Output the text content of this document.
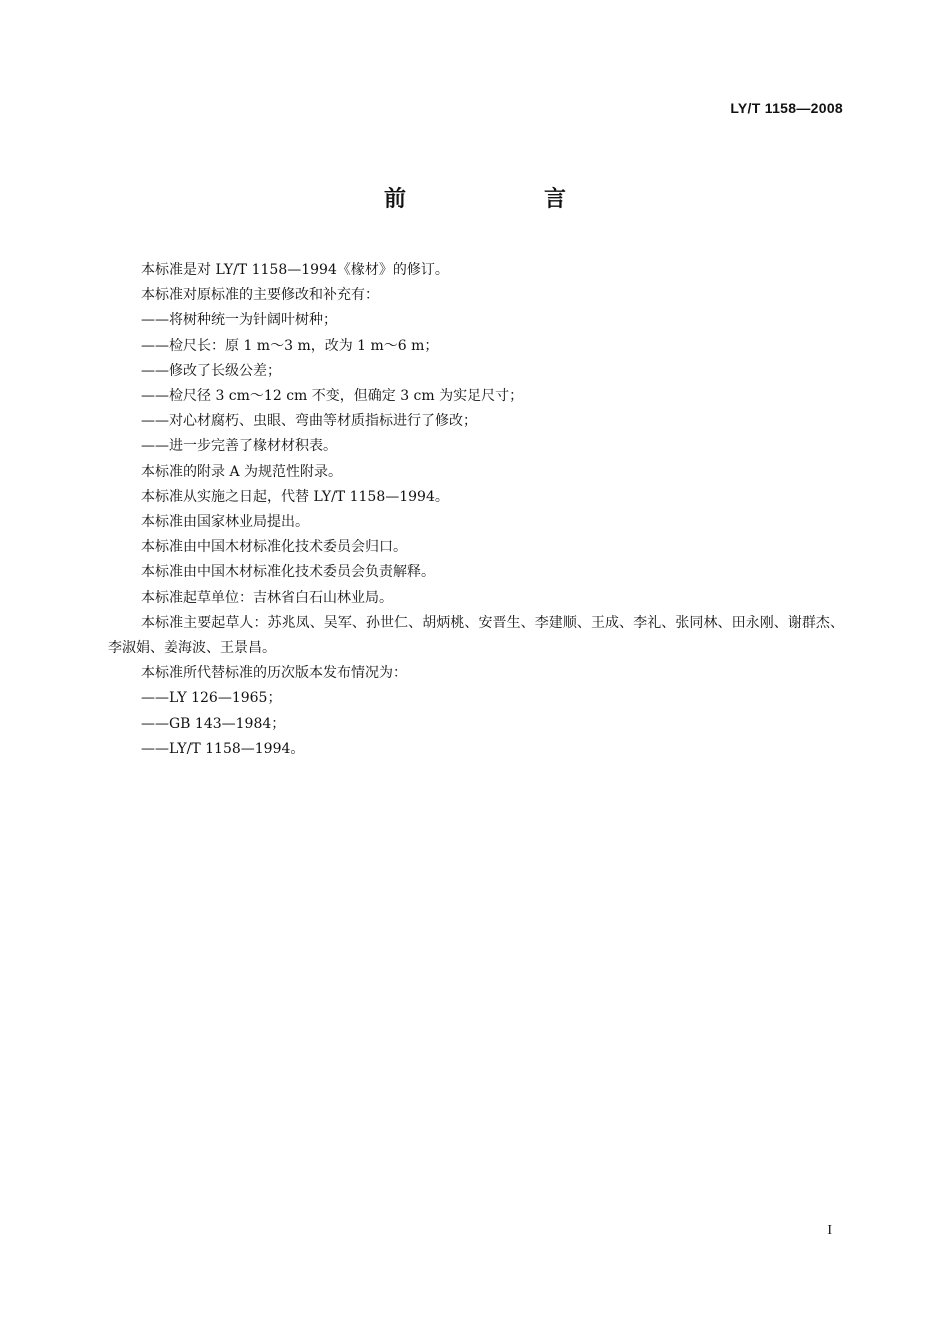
LY/T 1158—2008
前　言

本标准是对 LY/T 1158—1994《椽材》的修订。

本标准对原标准的主要修改和补充有：

——将树种统一为针阔叶树种；

——检尺长：原 1 m～3 m，改为 1 m～6 m；

——修改了长级公差；

——检尺径 3 cm～12 cm 不变，但确定 3 cm 为实足尺寸；

——对心材腐朽、虫眼、弯曲等材质指标进行了修改；

——进一步完善了椽材材积表。

本标准的附录 A 为规范性附录。

本标准从实施之日起，代替 LY/T 1158—1994。

本标准由国家林业局提出。

本标准由中国木材标准化技术委员会归口。

本标准由中国木材标准化技术委员会负责解释。

本标准起草单位：吉林省白石山林业局。

本标准主要起草人：苏兆凤、吴军、孙世仁、胡炳桃、安晋生、李建顺、王成、李礼、张同林、田永刚、谢群杰、李淑娟、姜海波、王景昌。

本标准所代替标准的历次版本发布情况为：

——LY 126—1965；

——GB 143—1984；

——LY/T 1158—1994。

I
